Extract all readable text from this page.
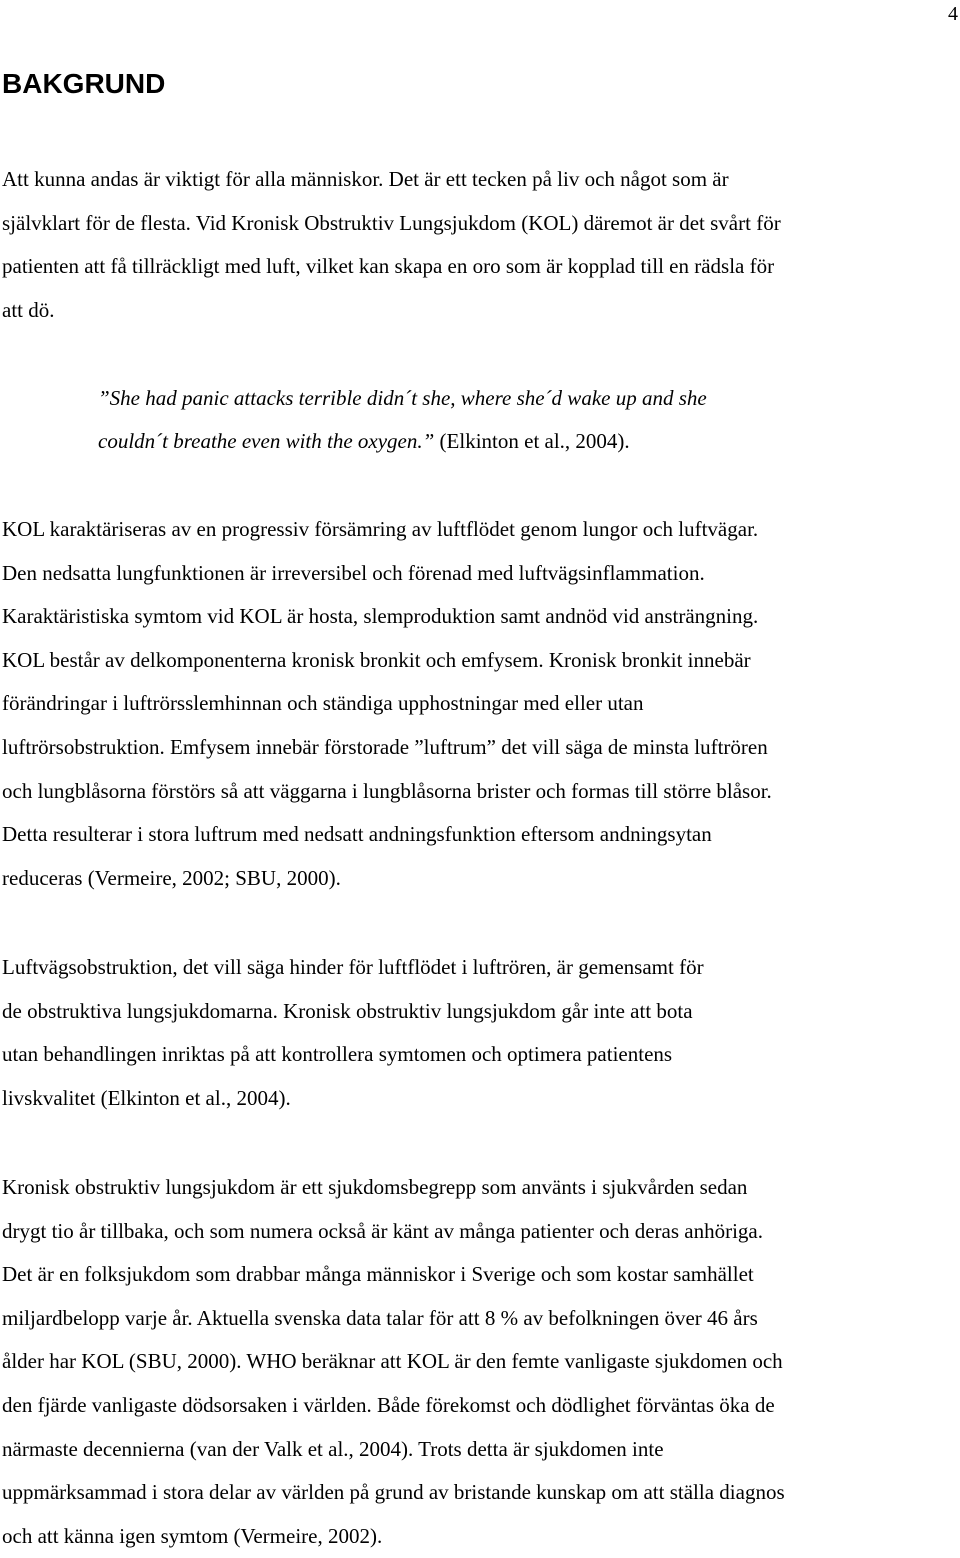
4
BAKGRUND

Att kunna andas är viktigt för alla människor. Det är ett tecken på liv och något som är
självklart för de flesta. Vid Kronisk Obstruktiv Lungsjukdom (KOL) däremot är det svårt för
patienten att få tillräckligt med luft, vilket kan skapa en oro som är kopplad till en rädsla för
att dö.

”She had panic attacks terrible didn´t she, where she´d wake up and she
couldn´t breathe even with the oxygen.” (Elkinton et al., 2004).

KOL karaktäriseras av en progressiv försämring av luftflödet genom lungor och luftvägar.
Den nedsatta lungfunktionen är irreversibel och förenad med luftvägsinflammation.
Karaktäristiska symtom vid KOL är hosta, slemproduktion samt andnöd vid ansträngning.
KOL består av delkomponenterna kronisk bronkit och emfysem. Kronisk bronkit innebär
förändringar i luftrörsslemhinnan och ständiga upphostningar med eller utan
luftrörsobstruktion. Emfysem innebär förstorade ”luftrum” det vill säga de minsta luftrören
och lungblåsorna förstörs så att väggarna i lungblåsorna brister och formas till större blåsor.
Detta resulterar i stora luftrum med nedsatt andningsfunktion eftersom andningsytan
reduceras (Vermeire, 2002; SBU, 2000).

Luftvägsobstruktion, det vill säga hinder för luftflödet i luftrören, är gemensamt för
de obstruktiva lungsjukdomarna. Kronisk obstruktiv lungsjukdom går inte att bota
utan behandlingen inriktas på att kontrollera symtomen och optimera patientens
livskvalitet (Elkinton et al., 2004).

Kronisk obstruktiv lungsjukdom är ett sjukdomsbegrepp som använts i sjukvården sedan
drygt tio år tillbaka, och som numera också är känt av många patienter och deras anhöriga.
Det är en folksjukdom som drabbar många människor i Sverige och som kostar samhället
miljardbelopp varje år. Aktuella svenska data talar för att 8 % av befolkningen över 46 års
ålder har KOL (SBU, 2000). WHO beräknar att KOL är den femte vanligaste sjukdomen och
den fjärde vanligaste dödsorsaken i världen. Både förekomst och dödlighet förväntas öka de
närmaste decennierna (van der Valk et al., 2004). Trots detta är sjukdomen inte
uppmärksammad i stora delar av världen på grund av bristande kunskap om att ställa diagnos
och att känna igen symtom (Vermeire, 2002).
